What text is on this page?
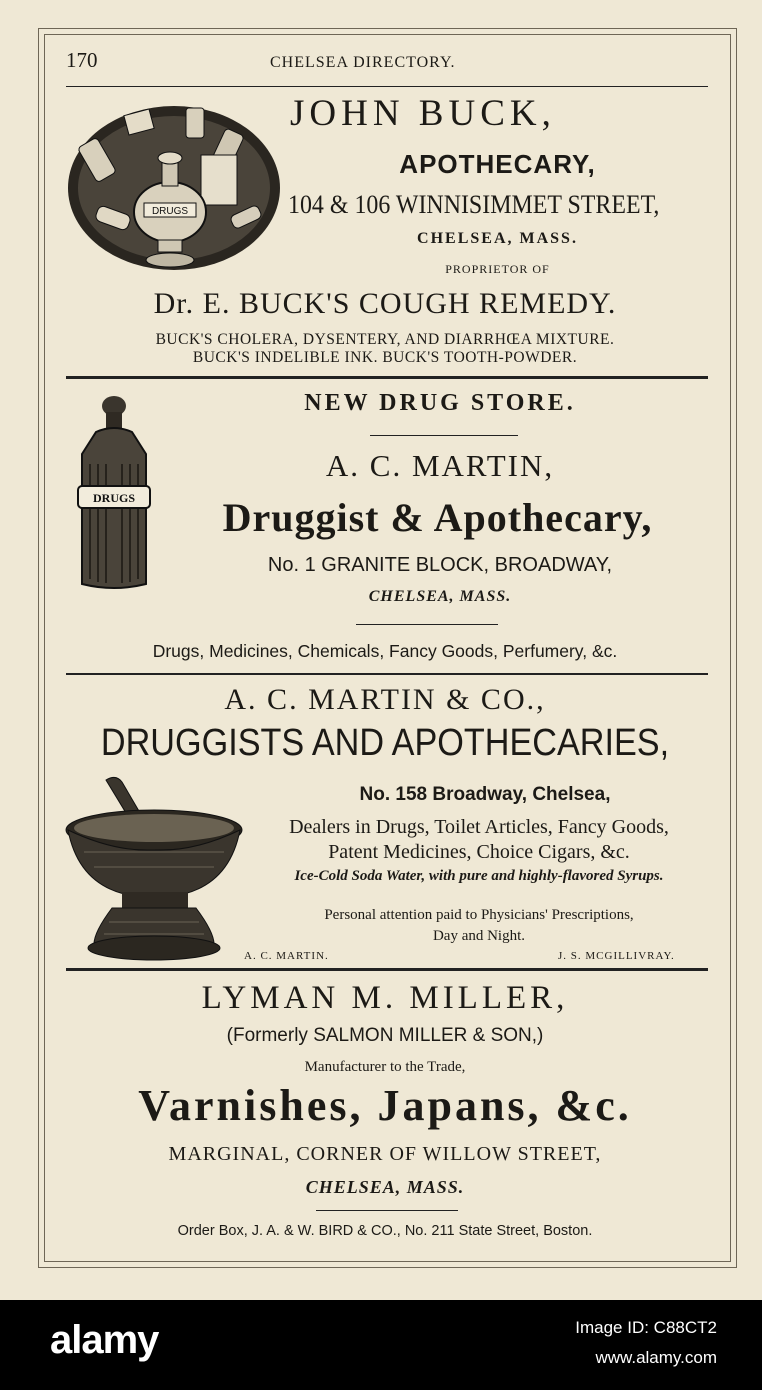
170	CHELSEA DIRECTORY.
DRUGS
JOHN BUCK,
APOTHECARY,
104 & 106 WINNISIMMET STREET,
CHELSEA, MASS.
PROPRIETOR OF
Dr. E. BUCK'S COUGH REMEDY.
BUCK'S CHOLERA, DYSENTERY, AND DIARRHŒA MIXTURE.
BUCK'S INDELIBLE INK. BUCK'S TOOTH-POWDER.
DRUGS
NEW DRUG STORE.
A. C. MARTIN,
Druggist & Apothecary,
No. 1 GRANITE BLOCK, BROADWAY,
CHELSEA, MASS.
Drugs, Medicines, Chemicals, Fancy Goods, Perfumery, &c.
A. C. MARTIN & CO.,
DRUGGISTS AND APOTHECARIES,
No. 158 Broadway, Chelsea,
Dealers in Drugs, Toilet Articles, Fancy Goods,
Patent Medicines, Choice Cigars, &c.
Ice-Cold Soda Water, with pure and highly-flavored Syrups.
Personal attention paid to Physicians' Prescriptions,
Day and Night.
A. C. MARTIN.	J. S. MCGILLIVRAY.
LYMAN M. MILLER,
(Formerly SALMON MILLER & SON,)
Manufacturer to the Trade,
Varnishes, Japans, &c.
MARGINAL, CORNER OF WILLOW STREET,
CHELSEA, MASS.
Order Box, J. A. & W. BIRD & CO., No. 211 State Street, Boston.
alamy	Image ID: C88CT2
www.alamy.com
